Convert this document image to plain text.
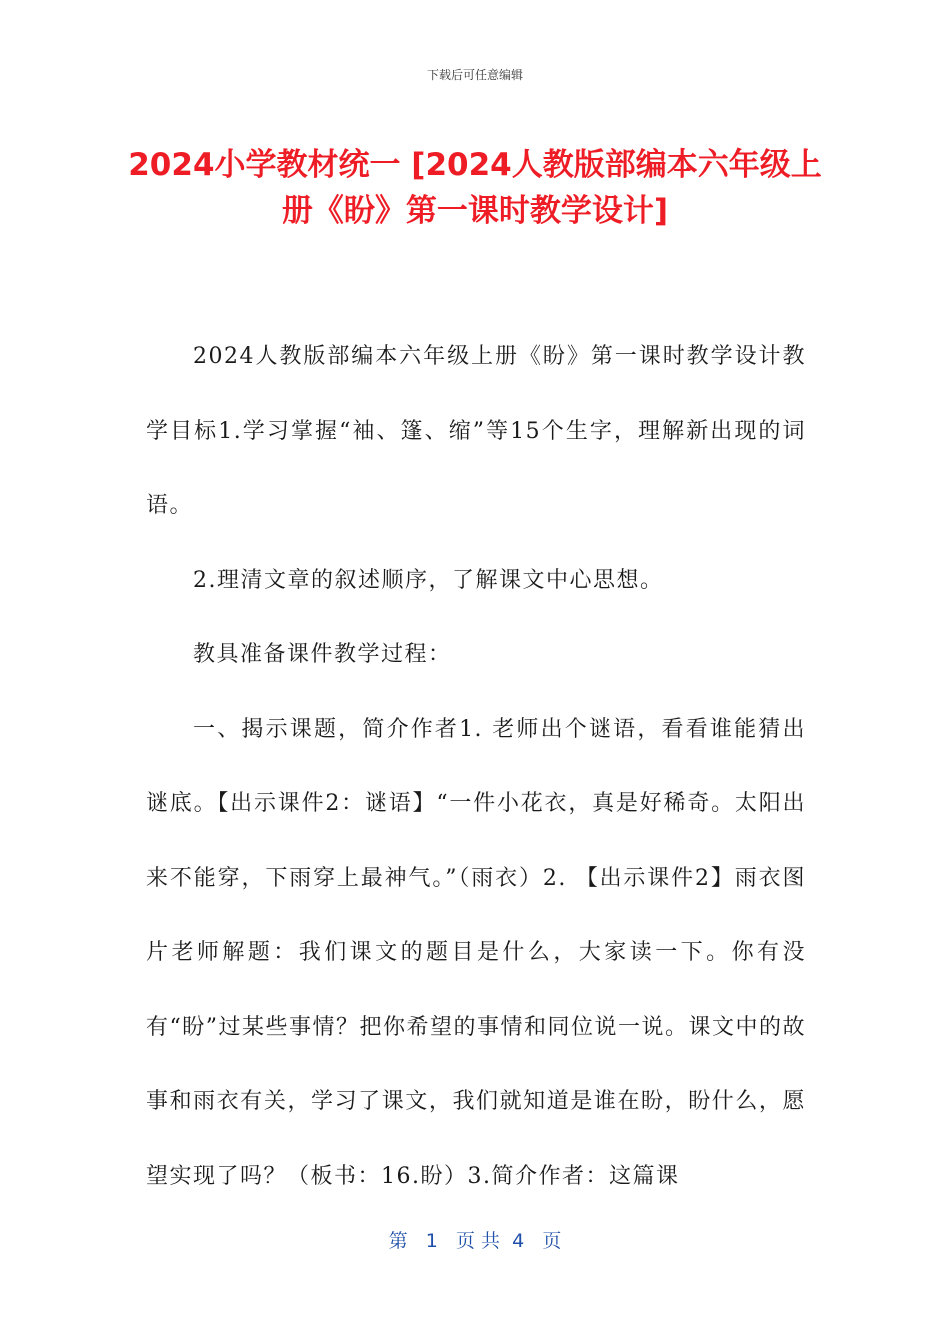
下载后可任意编辑
2024小学教材统一 [2024人教版部编本六年级上册《盼》第一课时教学设计]

2024人教版部编本六年级上册《盼》第一课时教学设计教学目标1.学习掌握“袖、篷、缩”等15个生字，理解新出现的词语。

2.理清文章的叙述顺序，了解课文中心思想。

教具准备课件教学过程：

一、揭示课题，简介作者1. 老师出个谜语，看看谁能猜出谜底。【出示课件2：谜语】“一件小花衣，真是好稀奇。太阳出来不能穿，下雨穿上最神气。”（雨衣）2. 【出示课件2】雨衣图片老师解题：我们课文的题目是什么，大家读一下。你有没有“盼”过某些事情？把你希望的事情和同位说一说。课文中的故事和雨衣有关，学习了课文，我们就知道是谁在盼，盼什么，愿望实现了吗？（板书：16.盼）3.简介作者：这篇课

第 1 页 共 4 页
